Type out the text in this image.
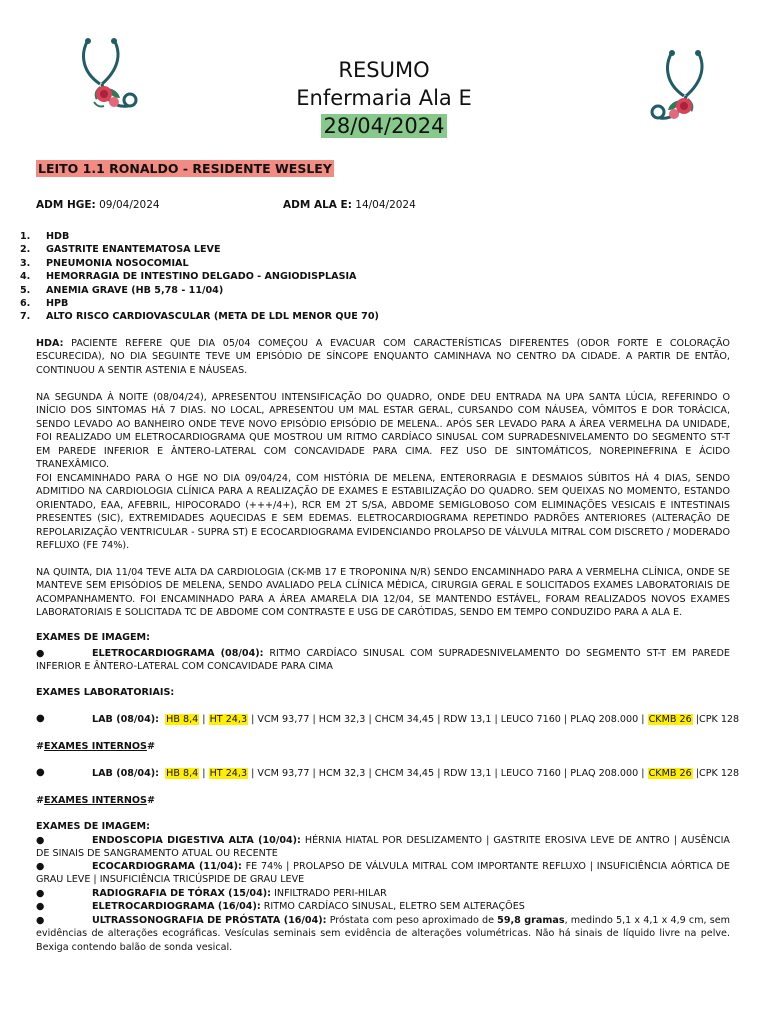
RESUMO
Enfermaria Ala E
28/04/2024
LEITO 1.1 RONALDO - RESIDENTE WESLEY
ADM HGE: 09/04/2024	ADM ALA E: 14/04/2024
1.	HDB
2.	GASTRITE ENANTEMATOSA LEVE
3.	PNEUMONIA NOSOCOMIAL
4.	HEMORRAGIA DE INTESTINO DELGADO - ANGIODISPLASIA
5.	ANEMIA GRAVE (HB 5,78 - 11/04)
6.	HPB
7.	ALTO RISCO CARDIOVASCULAR (META DE LDL MENOR QUE 70)
HDA: PACIENTE REFERE QUE DIA 05/04 COMEÇOU A EVACUAR COM CARACTERÍSTICAS DIFERENTES (ODOR FORTE E COLORAÇÃO ESCURECIDA), NO DIA SEGUINTE TEVE UM EPISÓDIO DE SÍNCOPE ENQUANTO CAMINHAVA NO CENTRO DA CIDADE. A PARTIR DE ENTÃO, CONTINUOU A SENTIR ASTENIA E NÁUSEAS.
NA SEGUNDA À NOITE (08/04/24), APRESENTOU INTENSIFICAÇÃO DO QUADRO, ONDE DEU ENTRADA NA UPA SANTA LÚCIA, REFERINDO O INÍCIO DOS SINTOMAS HÁ 7 DIAS. NO LOCAL, APRESENTOU UM MAL ESTAR GERAL, CURSANDO COM NÁUSEA, VÔMITOS E DOR TORÁCICA, SENDO LEVADO AO BANHEIRO ONDE TEVE NOVO EPISÓDIO EPISÓDIO DE MELENA.. APÓS SER LEVADO PARA A ÁREA VERMELHA DA UNIDADE, FOI REALIZADO UM ELETROCARDIOGRAMA QUE MOSTROU UM RITMO CARDÍACO SINUSAL COM SUPRADESNIVELAMENTO DO SEGMENTO ST-T EM PAREDE INFERIOR E ÂNTERO-LATERAL COM CONCAVIDADE PARA CIMA. FEZ USO DE SINTOMÁTICOS, NOREPINEFRINA E ÁCIDO TRANEXÂMICO.
FOI ENCAMINHADO PARA O HGE NO DIA 09/04/24, COM HISTÓRIA DE MELENA, ENTERORRAGIA E DESMAIOS SÚBITOS HÁ 4 DIAS, SENDO ADMITIDO NA CARDIOLOGIA CLÍNICA PARA A REALIZAÇÃO DE EXAMES E ESTABILIZAÇÃO DO QUADRO. SEM QUEIXAS NO MOMENTO, ESTANDO ORIENTADO, EAA, AFEBRIL, HIPOCORADO (+++/4+), RCR EM 2T S/SA, ABDOME SEMIGLOBOSO COM ELIMINAÇÕES VESICAIS E INTESTINAIS PRESENTES (SIC), EXTREMIDADES AQUECIDAS E SEM EDEMAS. ELETROCARDIOGRAMA REPETINDO PADRÕES ANTERIORES (ALTERAÇÃO DE REPOLARIZAÇÃO VENTRICULAR - SUPRA ST) E ECOCARDIOGRAMA EVIDENCIANDO PROLAPSO DE VÁLVULA MITRAL COM DISCRETO / MODERADO REFLUXO (FE 74%).
NA QUINTA, DIA 11/04 TEVE ALTA DA CARDIOLOGIA (CK-MB 17 E TROPONINA N/R) SENDO ENCAMINHADO PARA A VERMELHA CLÍNICA, ONDE SE MANTEVE SEM EPISÓDIOS DE MELENA, SENDO AVALIADO PELA CLÍNICA MÉDICA, CIRURGIA GERAL E SOLICITADOS EXAMES LABORATORIAIS DE ACOMPANHAMENTO. FOI ENCAMINHADO PARA A ÁREA AMARELA DIA 12/04, SE MANTENDO ESTÁVEL, FORAM REALIZADOS NOVOS EXAMES LABORATORIAIS E SOLICITADA TC DE ABDOME COM CONTRASTE E USG DE CARÓTIDAS, SENDO EM TEMPO CONDUZIDO PARA A ALA E.
EXAMES DE IMAGEM:
●	ELETROCARDIOGRAMA (08/04): RITMO CARDÍACO SINUSAL COM SUPRADESNIVELAMENTO DO SEGMENTO ST-T EM PAREDE INFERIOR E ÂNTERO-LATERAL COM CONCAVIDADE PARA CIMA
EXAMES LABORATORIAIS:
●	LAB (08/04): HB 8,4 | HT 24,3 | VCM 93,77 | HCM 32,3 | CHCM 34,45 | RDW 13,1 | LEUCO 7160 | PLAQ 208.000 | CKMB 26 |CPK 128
#EXAMES INTERNOS#
●	LAB (08/04): HB 8,4 | HT 24,3 | VCM 93,77 | HCM 32,3 | CHCM 34,45 | RDW 13,1 | LEUCO 7160 | PLAQ 208.000 | CKMB 26 |CPK 128
#EXAMES INTERNOS#
EXAMES DE IMAGEM:
●	ENDOSCOPIA DIGESTIVA ALTA (10/04): HÉRNIA HIATAL POR DESLIZAMENTO | GASTRITE EROSIVA LEVE DE ANTRO | AUSÊNCIA DE SINAIS DE SANGRAMENTO ATUAL OU RECENTE
●	ECOCARDIOGRAMA (11/04): FE 74% | PROLAPSO DE VÁLVULA MITRAL COM IMPORTANTE REFLUXO | INSUFICIÊNCIA AÓRTICA DE GRAU LEVE | INSUFICIÊNCIA TRICÚSPIDE DE GRAU LEVE
●	RADIOGRAFIA DE TÓRAX (15/04): INFILTRADO PERI-HILAR
●	ELETROCARDIOGRAMA (16/04): RITMO CARDÍACO SINUSAL, ELETRO SEM ALTERAÇÕES
●	ULTRASSONOGRAFIA DE PRÓSTATA (16/04): Próstata com peso aproximado de 59,8 gramas, medindo 5,1 x 4,1 x 4,9 cm, sem evidências de alterações ecográficas. Vesículas seminais sem evidência de alterações volumétricas. Não há sinais de líquido livre na pelve. Bexiga contendo balão de sonda vesical.
